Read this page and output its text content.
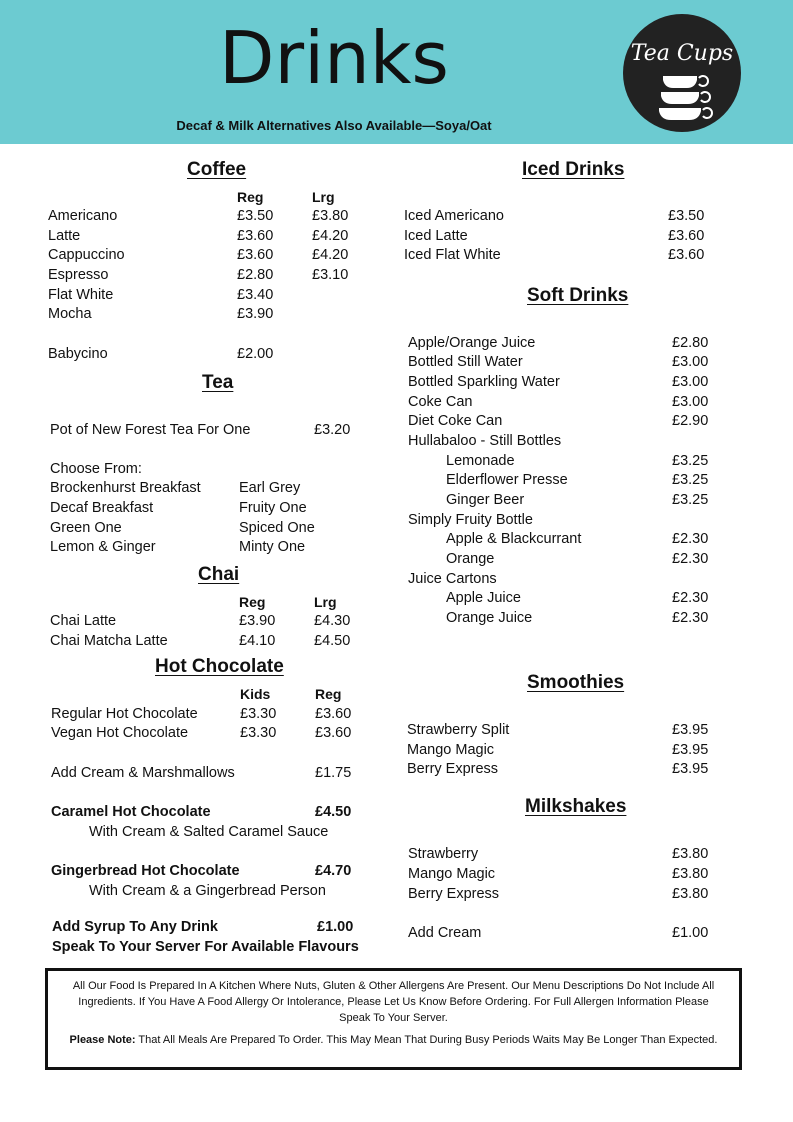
Drinks
Decaf & Milk Alternatives Also Available—Soya/Oat
Tea Cups
Coffee
Reg	Lrg
Americano	£3.50	£3.80
Latte	£3.60	£4.20
Cappuccino	£3.60	£4.20
Espresso	£2.80	£3.10
Flat White	£3.40
Mocha	£3.90
Babycino	£2.00
Tea
Pot of New Forest Tea For One	£3.20
Choose From:
Brockenhurst Breakfast	Earl Grey
Decaf Breakfast	Fruity One
Green One	Spiced One
Lemon & Ginger	Minty One
Chai
Reg	Lrg
Chai Latte	£3.90	£4.30
Chai Matcha Latte	£4.10	£4.50
Hot Chocolate
Kids	Reg
Regular Hot Chocolate	£3.30	£3.60
Vegan Hot Chocolate	£3.30	£3.60
Add Cream & Marshmallows	£1.75
Caramel Hot Chocolate	£4.50
With Cream & Salted Caramel Sauce
Gingerbread Hot Chocolate	£4.70
With Cream & a Gingerbread Person
Add Syrup To Any Drink	£1.00
Speak To Your Server For Available Flavours
Iced Drinks
Iced Americano	£3.50
Iced Latte	£3.60
Iced Flat White	£3.60
Soft Drinks
Apple/Orange Juice	£2.80
Bottled Still Water	£3.00
Bottled Sparkling Water	£3.00
Coke Can	£3.00
Diet Coke Can	£2.90
Hullabaloo - Still Bottles
Lemonade	£3.25
Elderflower Presse	£3.25
Ginger Beer	£3.25
Simply Fruity Bottle
Apple & Blackcurrant	£2.30
Orange	£2.30
Juice Cartons
Apple Juice	£2.30
Orange Juice	£2.30
Smoothies
Strawberry Split	£3.95
Mango Magic	£3.95
Berry Express	£3.95
Milkshakes
Strawberry	£3.80
Mango Magic	£3.80
Berry Express	£3.80
Add Cream	£1.00

All Our Food Is Prepared In A Kitchen Where Nuts, Gluten & Other Allergens Are Present. Our Menu Descriptions Do Not Include All Ingredients. If You Have A Food Allergy Or Intolerance, Please Let Us Know Before Ordering. For Full Allergen Information Please Speak To Your Server.

Please Note: That All Meals Are Prepared To Order. This May Mean That During Busy Periods Waits May Be Longer Than Expected.
